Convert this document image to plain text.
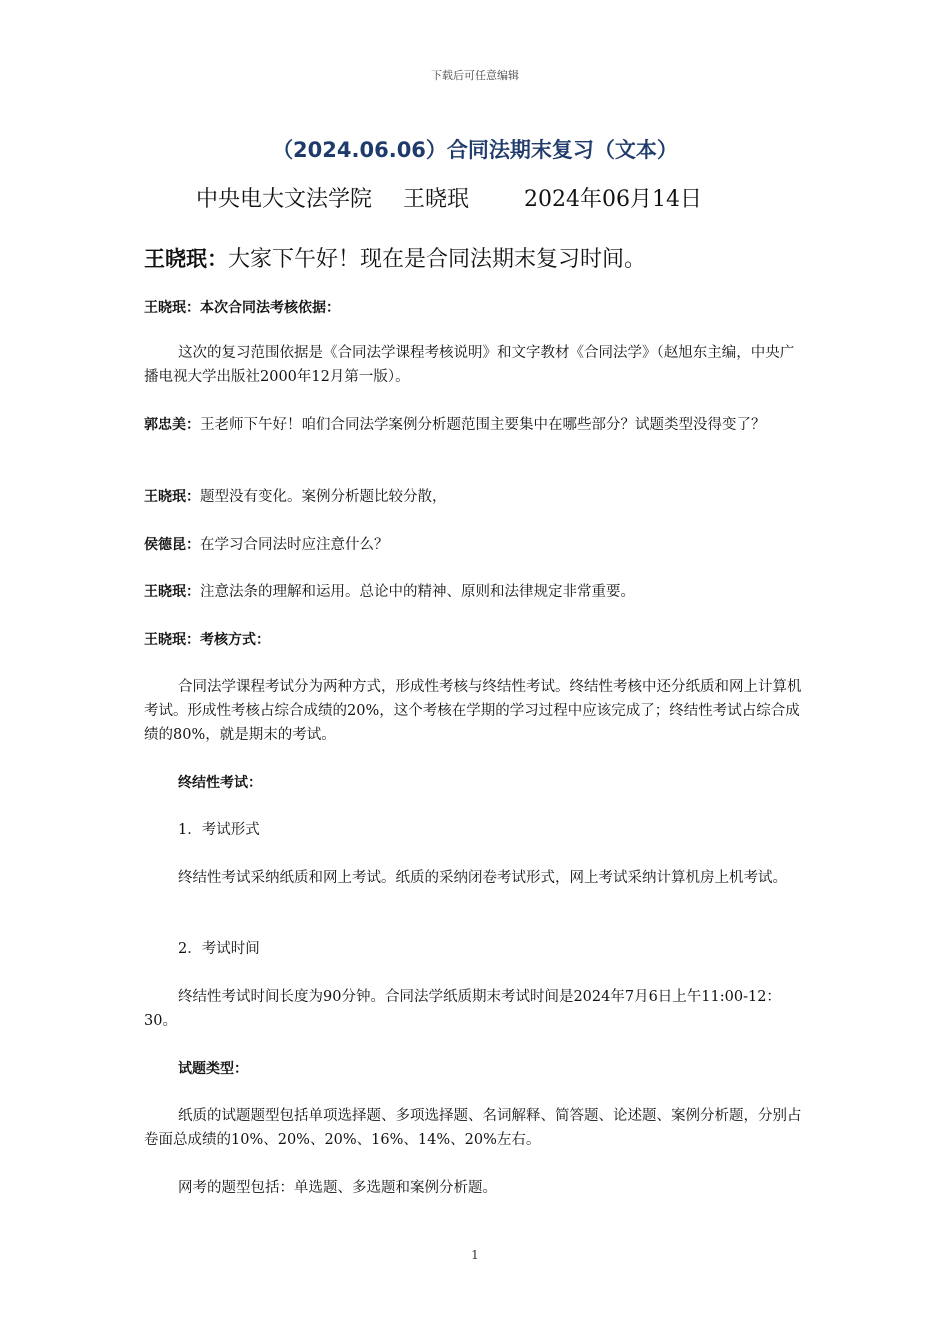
下载后可任意编辑
（2024.06.06）合同法期末复习（文本）
中央电大文法学院 王晓珉	2024年06月14日
王晓珉：大家下午好！现在是合同法期末复习时间。
王晓珉：本次合同法考核依据：
这次的复习范围依据是《合同法学课程考核说明》和文字教材《合同法学》（赵旭东主编，中央广播电视大学出版社2000年12月第一版）。
郭忠美：王老师下午好！咱们合同法学案例分析题范围主要集中在哪些部分？试题类型没得变了？
王晓珉：题型没有变化。案例分析题比较分散，
侯德昆：在学习合同法时应注意什么？
王晓珉：注意法条的理解和运用。总论中的精神、原则和法律规定非常重要。
王晓珉：考核方式：
合同法学课程考试分为两种方式，形成性考核与终结性考试。终结性考核中还分纸质和网上计算机考试。形成性考核占综合成绩的20%，这个考核在学期的学习过程中应该完成了；终结性考试占综合成绩的80%，就是期末的考试。
终结性考试：
1．考试形式
终结性考试采纳纸质和网上考试。纸质的采纳闭卷考试形式，网上考试采纳计算机房上机考试。
2．考试时间
终结性考试时间长度为90分钟。合同法学纸质期末考试时间是2024年7月6日上午11:00-12：30。
试题类型：
纸质的试题题型包括单项选择题、多项选择题、名词解释、简答题、论述题、案例分析题，分别占卷面总成绩的10%、20%、20%、16%、14%、20%左右。
网考的题型包括：单选题、多选题和案例分析题。
1
